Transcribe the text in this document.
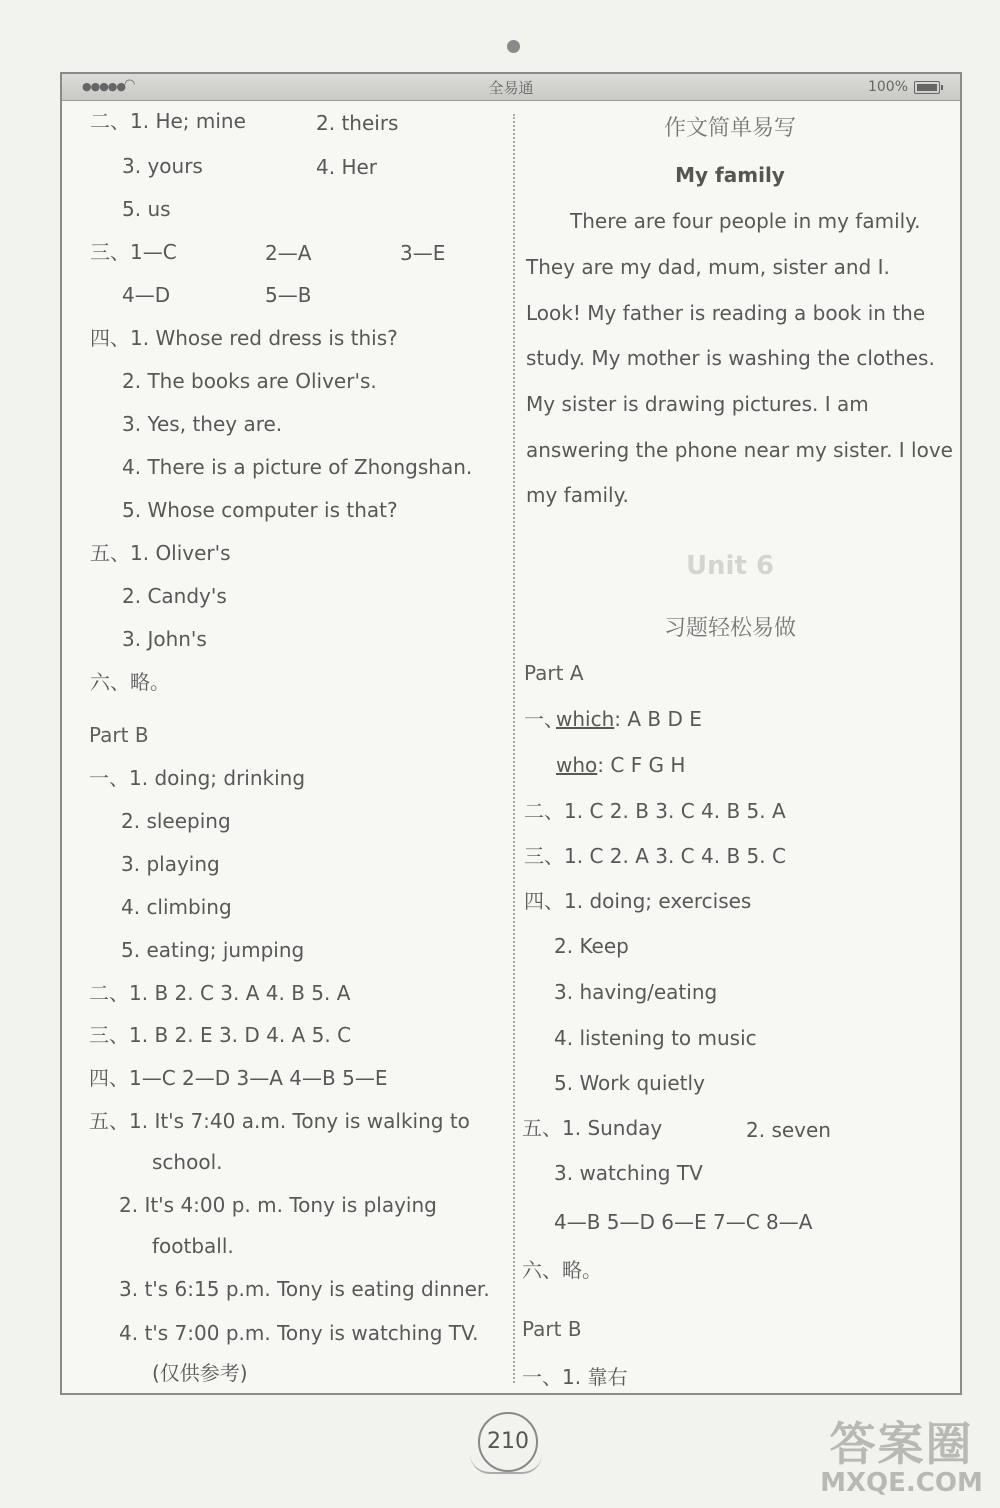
●●●●● ◠	全易通	100%
二、1. He; mine	2. theirs
3. yours	4. Her
5. us
三、1—C	2—A	3—E
4—D	5—B
四、1. Whose red dress is this?
2. The books are Oliver's.
3. Yes, they are.
4. There is a picture of Zhongshan.
5. Whose computer is that?
五、1. Oliver's
2. Candy's
3. John's
六、略。
Part B
一、1. doing; drinking
2. sleeping
3. playing
4. climbing
5. eating; jumping
二、1. B 2. C 3. A 4. B 5. A
三、1. B 2. E 3. D 4. A 5. C
四、1—C 2—D 3—A 4—B 5—E
五、1. It's 7:40 a.m. Tony is walking to
school.
2. It's 4:00 p. m. Tony is playing
football.
3. t's 6:15 p.m. Tony is eating dinner.
4. t's 7:00 p.m. Tony is watching TV.
(仅供参考)
作文简单易写
My family
There are four people in my family.
They are my dad, mum, sister and I.
Look! My father is reading a book in the
study. My mother is washing the clothes.
My sister is drawing pictures. I am
answering the phone near my sister. I love
my family.
Unit 6
习题轻松易做
Part A
一、
which: A B D E
who: C F G H
二、1. C 2. B 3. C 4. B 5. A
三、1. C 2. A 3. C 4. B 5. C
四、1. doing; exercises
2. Keep
3. having/eating
4. listening to music
5. Work quietly
五、1. Sunday	2. seven
3. watching TV
4—B 5—D 6—E 7—C 8—A
六、略。
Part B
一、1. 靠右
210	答案圈
MXQE.COM
